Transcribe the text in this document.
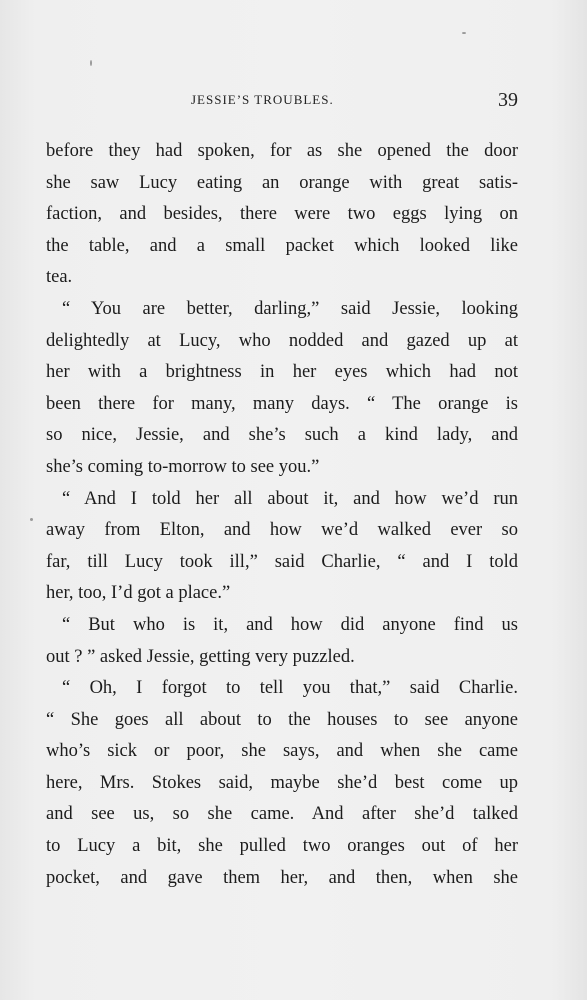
JESSIE’S TROUBLES.	39
before they had spoken, for as she opened the door
she saw Lucy eating an orange with great satis-
faction, and besides, there were two eggs lying on
the table, and a small packet which looked like
tea.
“ You are better, darling,” said Jessie, looking
delightedly at Lucy, who nodded and gazed up at
her with a brightness in her eyes which had not
been there for many, many days. “ The orange is
so nice, Jessie, and she’s such a kind lady, and
she’s coming to-morrow to see you.”
“ And I told her all about it, and how we’d run
away from Elton, and how we’d walked ever so
far, till Lucy took ill,” said Charlie, “ and I told
her, too, I’d got a place.”
“ But who is it, and how did anyone find us
out ? ” asked Jessie, getting very puzzled.
“ Oh, I forgot to tell you that,” said Charlie.
“ She goes all about to the houses to see anyone
who’s sick or poor, she says, and when she came
here, Mrs. Stokes said, maybe she’d best come up
and see us, so she came. And after she’d talked
to Lucy a bit, she pulled two oranges out of her
pocket, and gave them her, and then, when she
